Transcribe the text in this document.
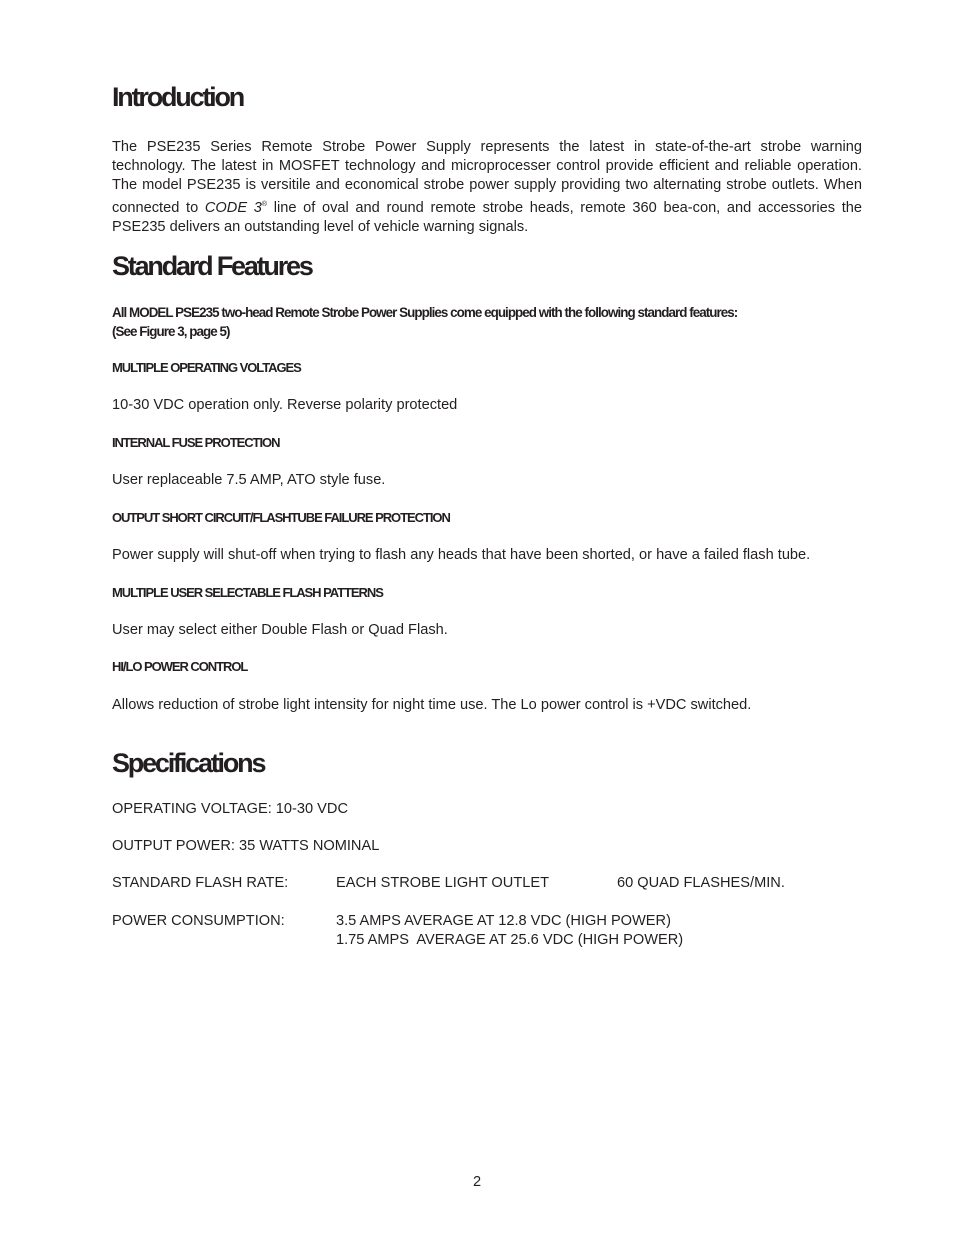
Introduction

The PSE235 Series Remote Strobe Power Supply represents the latest in state-of-the-art strobe warning technology. The latest in MOSFET technology and microprocesser control provide efficient and reliable operation. The model PSE235 is versitile and economical strobe power supply providing two alternating strobe outlets. When connected to CODE 3® line of oval and round remote strobe heads, remote 360 bea-con, and accessories the PSE235 delivers an outstanding level of vehicle warning signals.

Standard Features

All MODEL PSE235 two-head Remote Strobe Power Supplies come equipped with the following standard features:
(See Figure 3, page 5)

MULTIPLE OPERATING VOLTAGES
10-30 VDC operation only. Reverse polarity protected
INTERNAL FUSE PROTECTION
User replaceable 7.5 AMP, ATO style fuse.
OUTPUT SHORT CIRCUIT/FLASHTUBE FAILURE PROTECTION
Power supply will shut-off when trying to flash any heads that have been shorted, or have a failed flash tube.
MULTIPLE USER SELECTABLE FLASH PATTERNS
User may select either Double Flash or Quad Flash.
HI/LO POWER CONTROL
Allows reduction of strobe light intensity for night time use. The Lo power control is +VDC switched.
Specifications
OPERATING VOLTAGE: 10-30 VDC
OUTPUT POWER: 35 WATTS NOMINAL
STANDARD FLASH RATE:	EACH STROBE LIGHT OUTLET	60 QUAD FLASHES/MIN.
POWER CONSUMPTION:	3.5 AMPS AVERAGE AT 12.8 VDC (HIGH POWER)
1.75 AMPS  AVERAGE AT 25.6 VDC (HIGH POWER)
2
